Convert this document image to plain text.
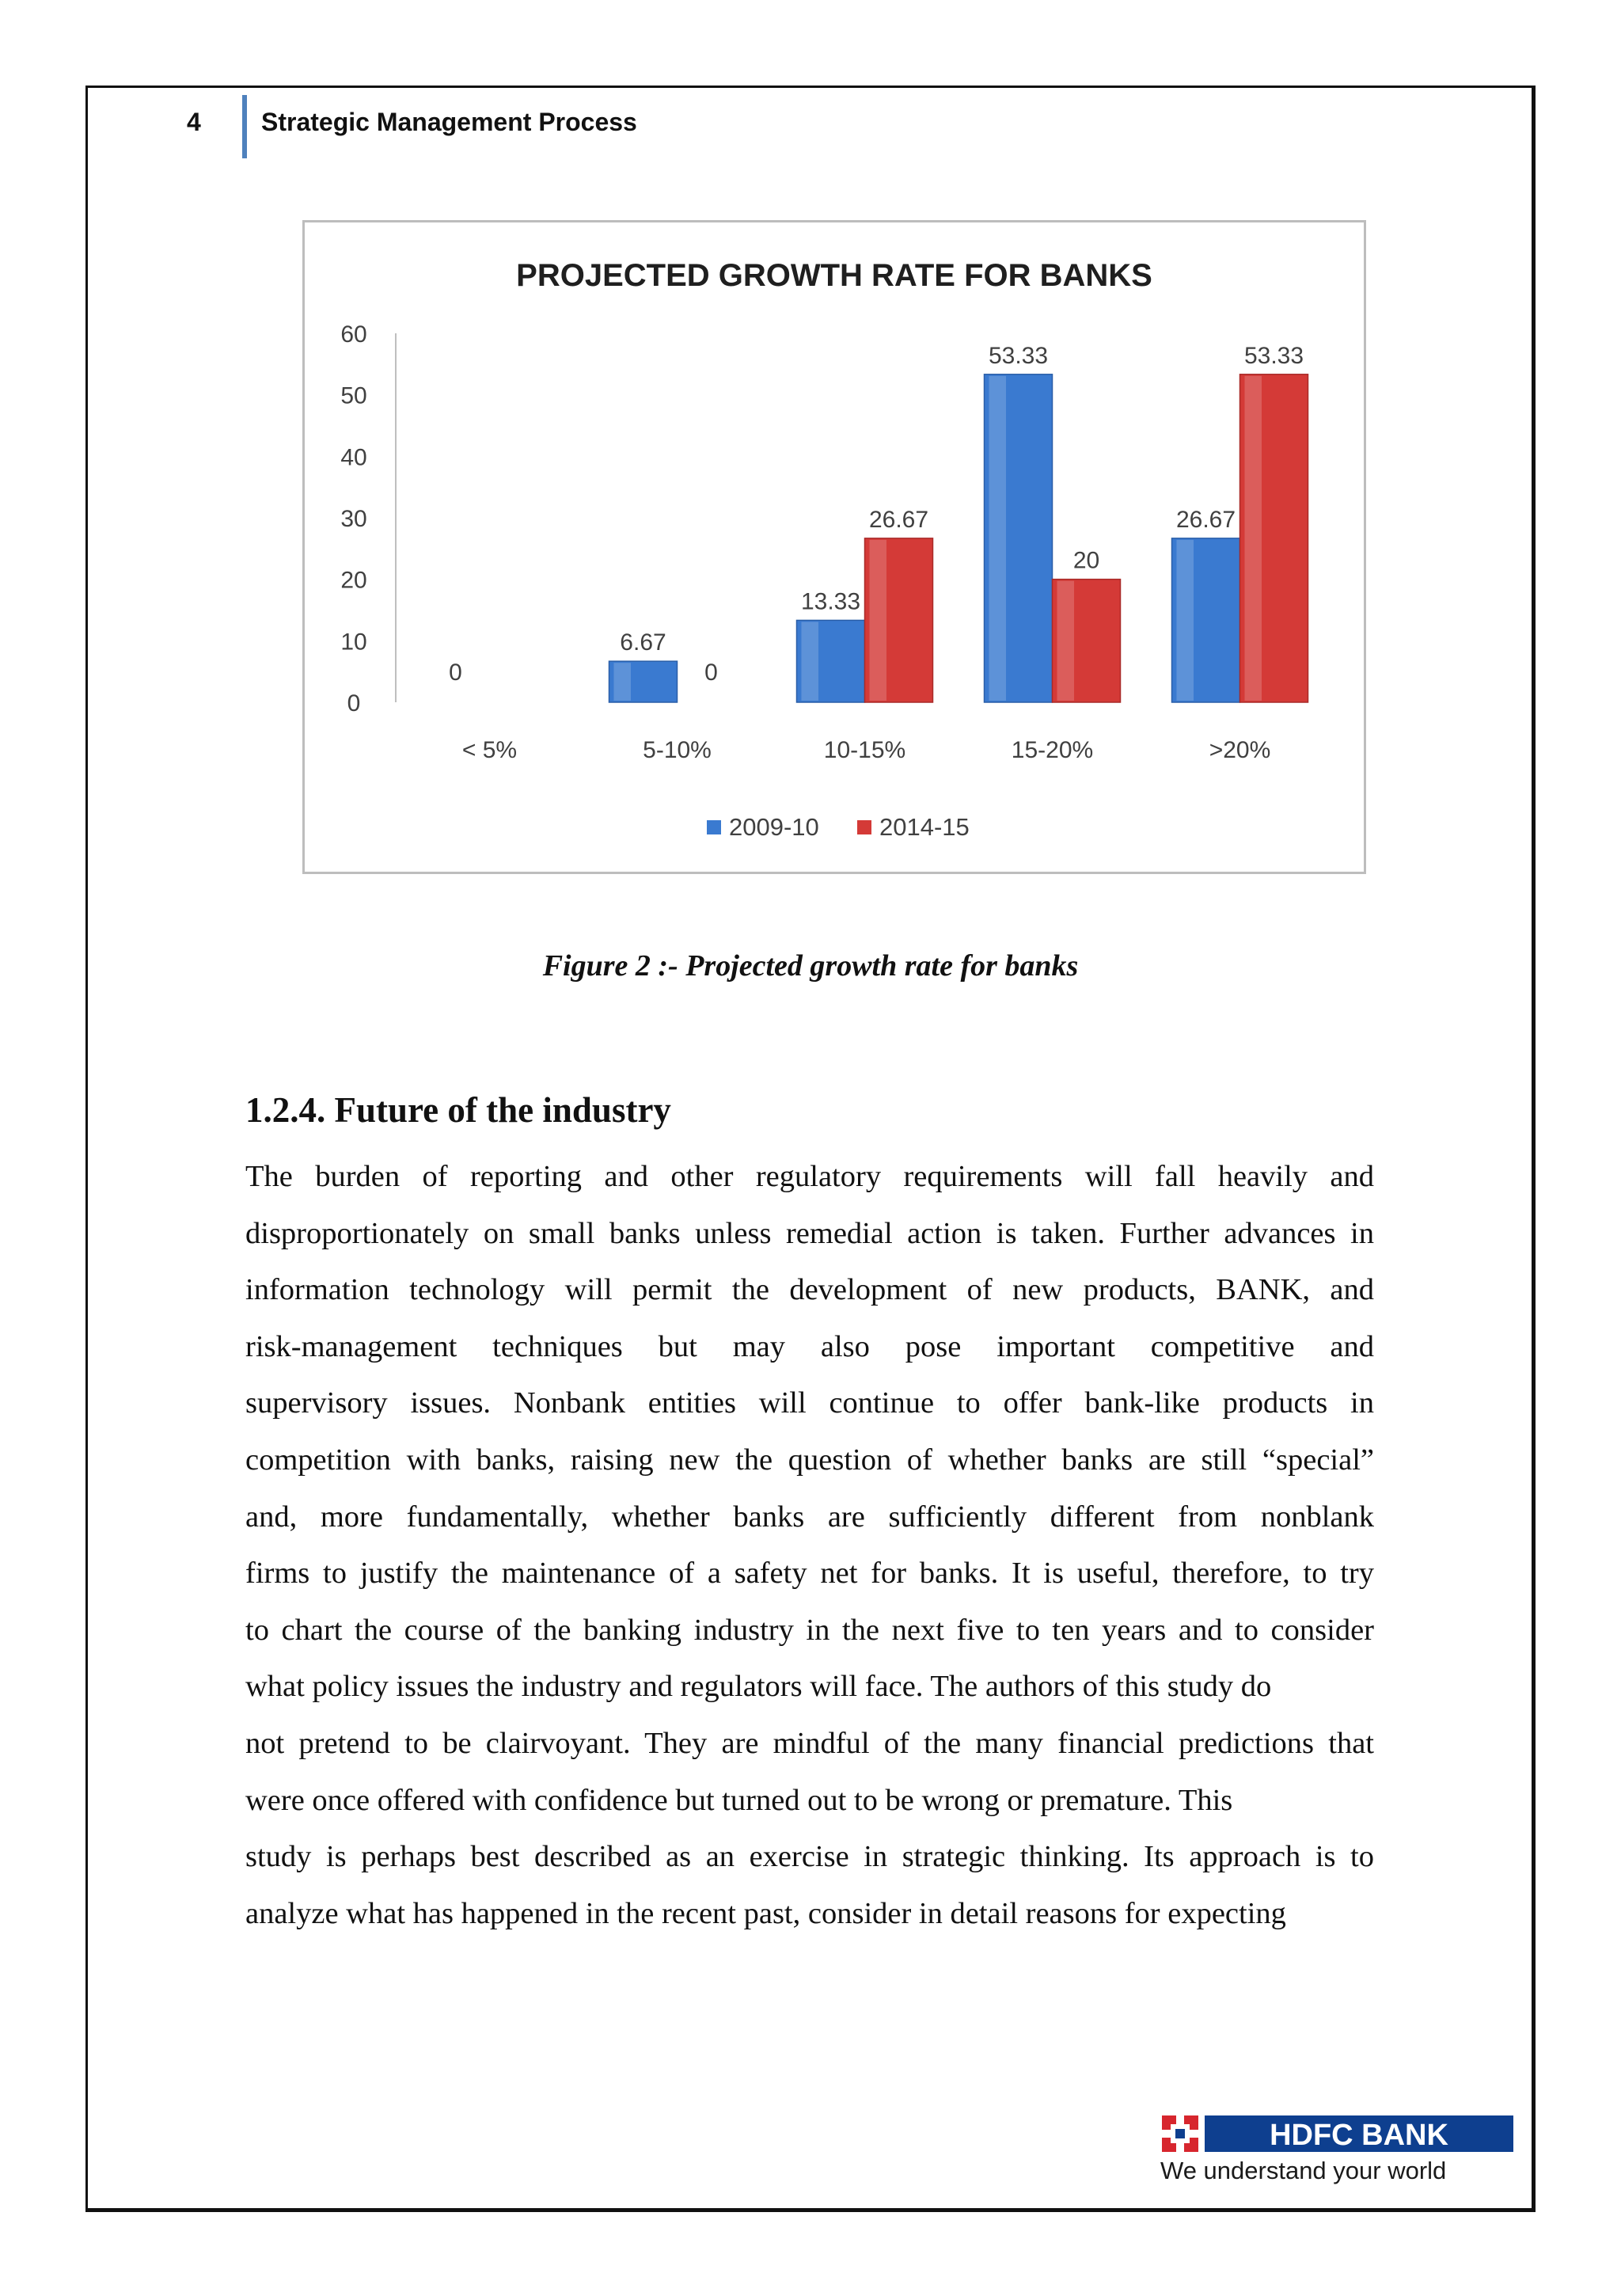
4 Strategic Management Process
PROJECTED GROWTH RATE FOR BANKS
0
10
20
30
40
50
60
< 5%
0
5-10%
6.67
0
10-15%
13.33
26.67
15-20%
53.33
20
>20%
26.67
53.33
2009-10 2014-15
Figure 2 :- Projected growth rate for banks
1.2.4. Future of the industry
The burden of reporting and other regulatory requirements will fall heavily and
disproportionately on small banks unless remedial action is taken. Further advances in
information technology will permit the development of new products, BANK, and
risk-management techniques but may also pose important competitive and
supervisory issues. Nonbank entities will continue to offer bank-like products in
competition with banks, raising new the question of whether banks are still “special”
and, more fundamentally, whether banks are sufficiently different from nonblank
firms to justify the maintenance of a safety net for banks. It is useful, therefore, to try
to chart the course of the banking industry in the next five to ten years and to consider
what policy issues the industry and regulators will face. The authors of this study do
not pretend to be clairvoyant. They are mindful of the many financial predictions that
were once offered with confidence but turned out to be wrong or premature. This
study is perhaps best described as an exercise in strategic thinking. Its approach is to
analyze what has happened in the recent past, consider in detail reasons for expecting
HDFC BANK
We understand your world
